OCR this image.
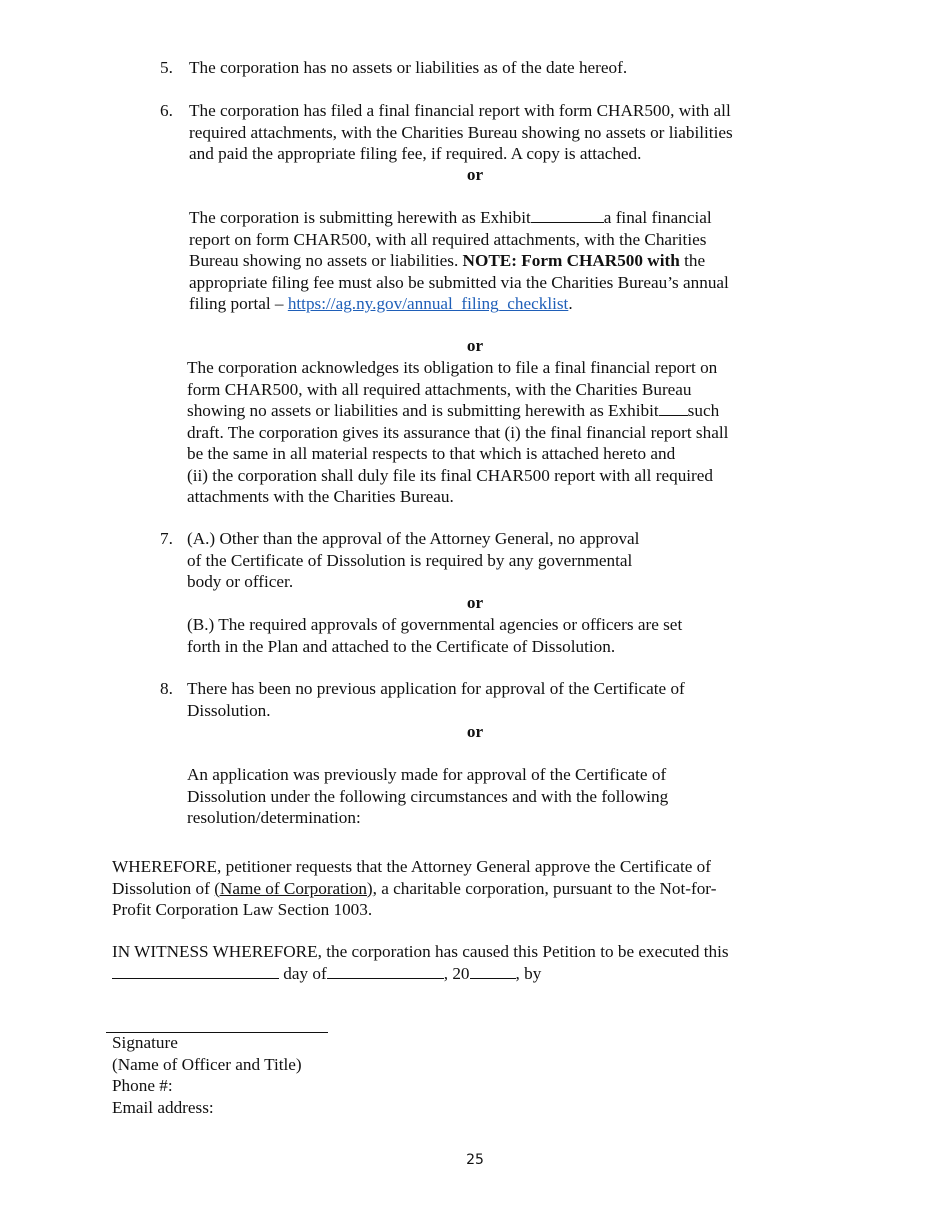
5. The corporation has no assets or liabilities as of the date hereof.
6. The corporation has filed a final financial report with form CHAR500, with all
required attachments, with the Charities Bureau showing no assets or liabilities
and paid the appropriate filing fee, if required. A copy is attached.
or
The corporation is submitting herewith as Exhibit	a final financial
report on form CHAR500, with all required attachments, with the Charities
Bureau showing no assets or liabilities. NOTE: Form CHAR500 with the
appropriate filing fee must also be submitted via the Charities Bureau’s annual
filing portal – https://ag.ny.gov/annual_filing_checklist.
or
The corporation acknowledges its obligation to file a final financial report on
form CHAR500, with all required attachments, with the Charities Bureau
showing no assets or liabilities and is submitting herewith as Exhibit such
draft. The corporation gives its assurance that (i) the final financial report shall
be the same in all material respects to that which is attached hereto and
(ii) the corporation shall duly file its final CHAR500 report with all required
attachments with the Charities Bureau.
7. (A.) Other than the approval of the Attorney General, no approval
of the Certificate of Dissolution is required by any governmental
body or officer.
or
(B.) The required approvals of governmental agencies or officers are set
forth in the Plan and attached to the Certificate of Dissolution.
8. There has been no previous application for approval of the Certificate of
Dissolution.
or
An application was previously made for approval of the Certificate of
Dissolution under the following circumstances and with the following
resolution/determination:
WHEREFORE, petitioner requests that the Attorney General approve the Certificate of
Dissolution of (Name of Corporation), a charitable corporation, pursuant to the Not-for-
Profit Corporation Law Section 1003.
IN WITNESS WHEREFORE, the corporation has caused this Petition to be executed this
day of	, 20	, by
Signature
(Name of Officer and Title)
Phone #:
Email address:
25
